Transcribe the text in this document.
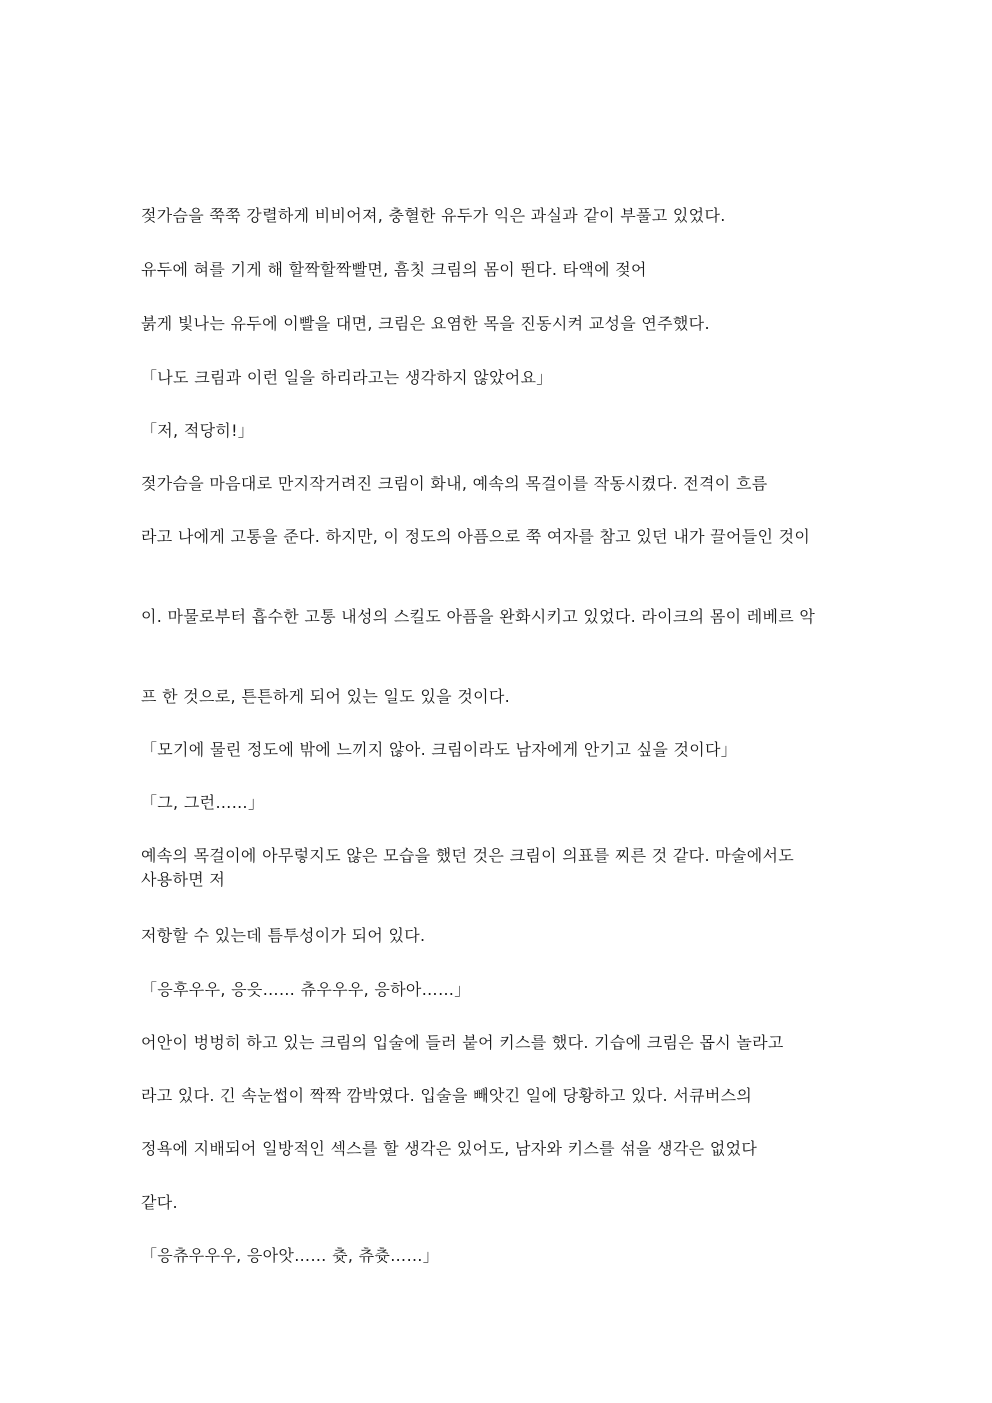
젖가슴을 쭉쭉 강렬하게 비비어져, 충혈한 유두가 익은 과실과 같이 부풀고 있었다.

유두에 혀를 기게 해 할짝할짝빨면, 흠칫 크림의 몸이 뛴다. 타액에 젖어

붉게 빛나는 유두에 이빨을 대면, 크림은 요염한 목을 진동시켜 교성을 연주했다.

「나도 크림과 이런 일을 하리라고는 생각하지 않았어요」

「저, 적당히!」

젖가슴을 마음대로 만지작거려진 크림이 화내, 예속의 목걸이를 작동시켰다. 전격이 흐름

라고 나에게 고통을 준다. 하지만, 이 정도의 아픔으로 쭉 여자를 참고 있던 내가 끌어들인 것이

이. 마물로부터 흡수한 고통 내성의 스킬도 아픔을 완화시키고 있었다. 라이크의 몸이 레베르 악

프 한 것으로, 튼튼하게 되어 있는 일도 있을 것이다.

「모기에 물린 정도에 밖에 느끼지 않아. 크림이라도 남자에게 안기고 싶을 것이다」

「그, 그런……」

예속의 목걸이에 아무렇지도 않은 모습을 했던 것은 크림이 의표를 찌른 것 같다. 마술에서도 사용하면 저

저항할 수 있는데 틈투성이가 되어 있다.

「응후우우, 응읏…… 츄우우우, 응하아……」

어안이 벙벙히 하고 있는 크림의 입술에 들러 붙어 키스를 했다. 기습에 크림은 몹시 놀라고

라고 있다. 긴 속눈썹이 짝짝 깜박였다. 입술을 빼앗긴 일에 당황하고 있다. 서큐버스의

정욕에 지배되어 일방적인 섹스를 할 생각은 있어도, 남자와 키스를 섞을 생각은 없었다

같다.

「응츄우우우, 응아앗…… 츗, 츄츗……」
